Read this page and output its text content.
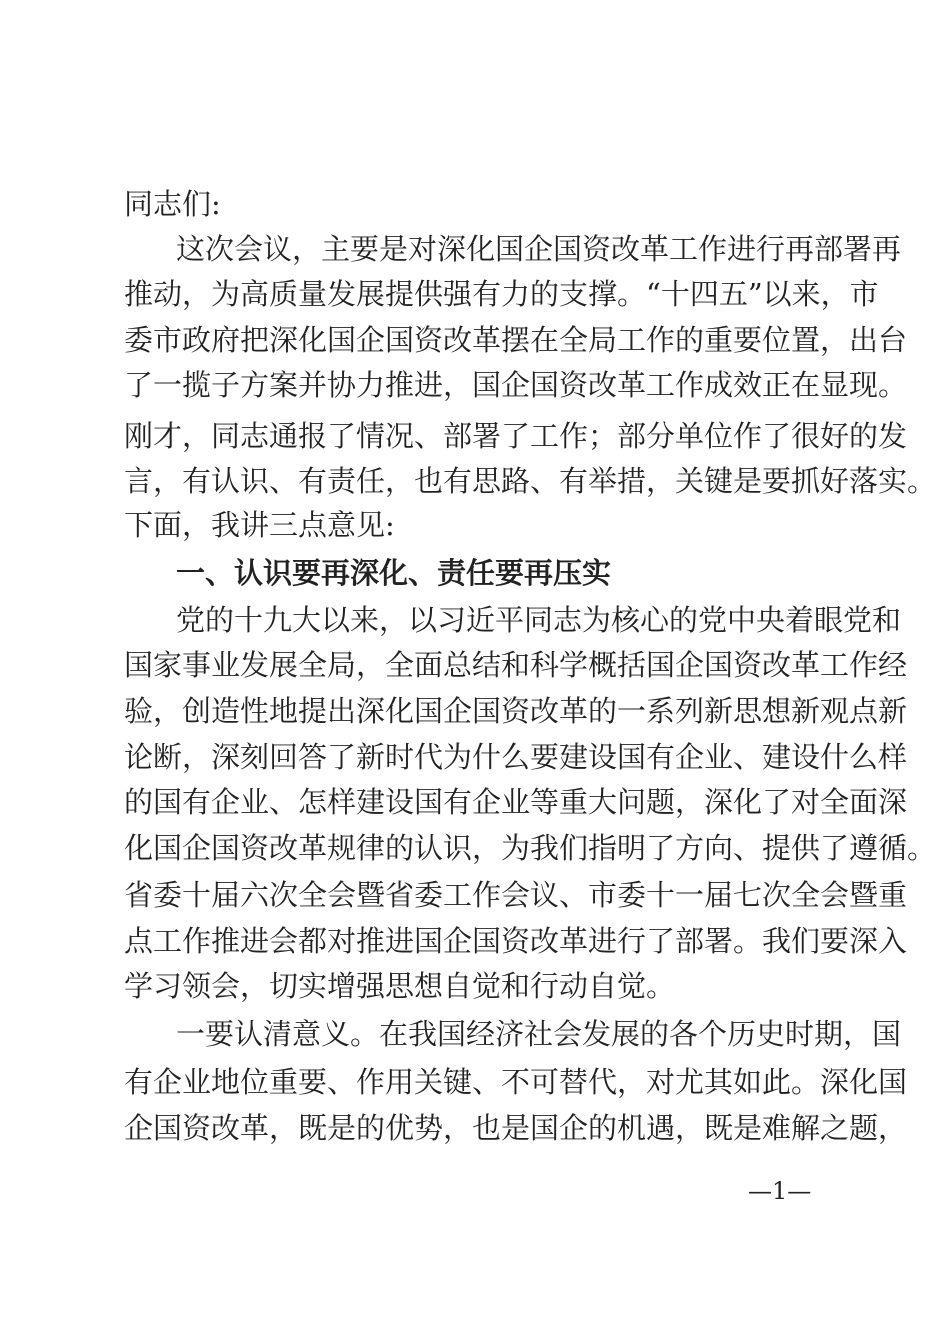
同志们:
这次会议，主要是对深化国企国资改革工作进行再部署再
推动，为高质量发展提供强有力的支撑。“十四五”以来，市
委市政府把深化国企国资改革摆在全局工作的重要位置，出台
了一揽子方案并协力推进，国企国资改革工作成效正在显现。
刚才，同志通报了情况、部署了工作；部分单位作了很好的发
言，有认识、有责任，也有思路、有举措，关键是要抓好落实。
下面，我讲三点意见:
一、认识要再深化、责任要再压实
党的十九大以来，以习近平同志为核心的党中央着眼党和
国家事业发展全局，全面总结和科学概括国企国资改革工作经
验，创造性地提出深化国企国资改革的一系列新思想新观点新
论断，深刻回答了新时代为什么要建设国有企业、建设什么样
的国有企业、怎样建设国有企业等重大问题，深化了对全面深
化国企国资改革规律的认识，为我们指明了方向、提供了遵循。
省委十届六次全会暨省委工作会议、市委十一届七次全会暨重
点工作推进会都对推进国企国资改革进行了部署。我们要深入
学习领会，切实增强思想自觉和行动自觉。
一要认清意义。在我国经济社会发展的各个历史时期，国
有企业地位重要、作用关键、不可替代，对尤其如此。深化国
企国资改革，既是的优势，也是国企的机遇，既是难解之题，
—1—
